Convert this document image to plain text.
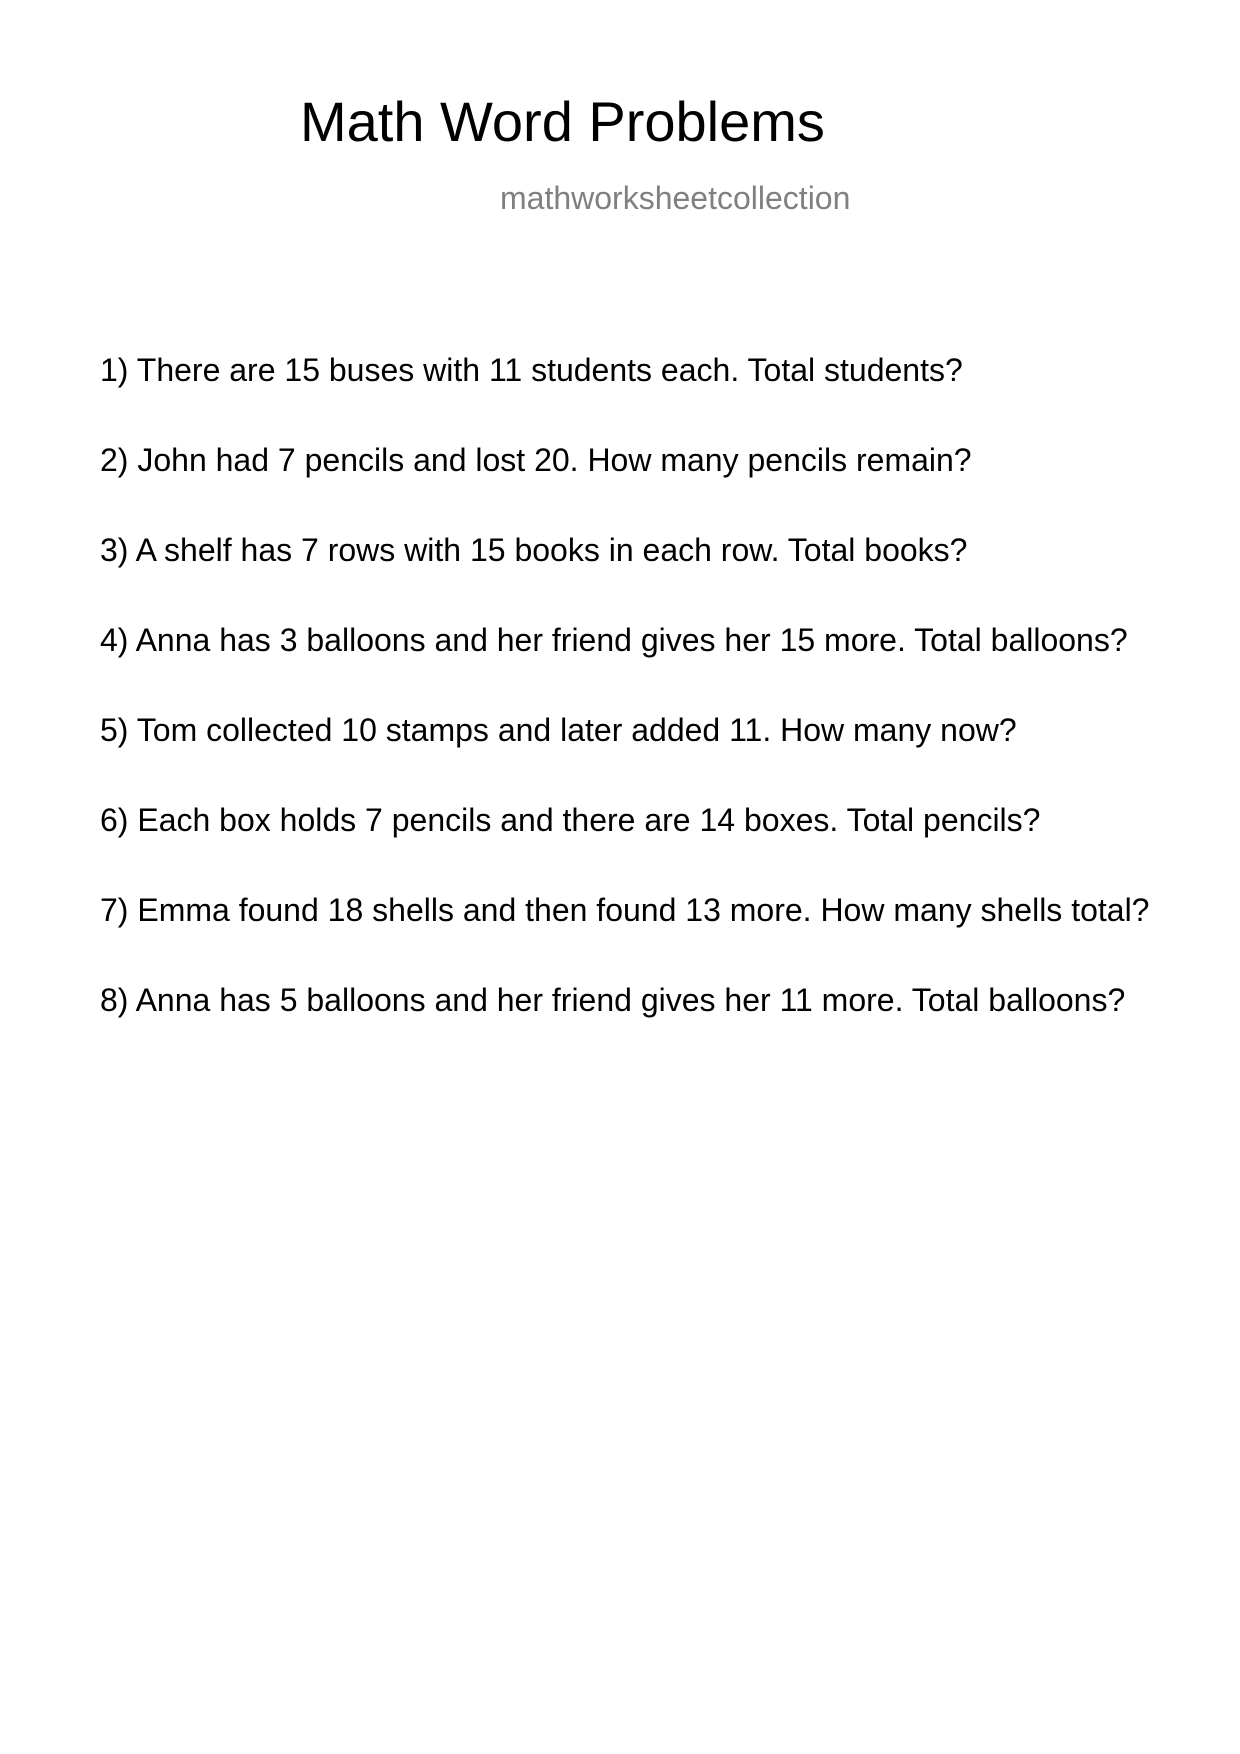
Math Word Problems
mathworksheetcollection
1) There are 15 buses with 11 students each. Total students?
2) John had 7 pencils and lost 20. How many pencils remain?
3) A shelf has 7 rows with 15 books in each row. Total books?
4) Anna has 3 balloons and her friend gives her 15 more. Total balloons?
5) Tom collected 10 stamps and later added 11. How many now?
6) Each box holds 7 pencils and there are 14 boxes. Total pencils?
7) Emma found 18 shells and then found 13 more. How many shells total?
8) Anna has 5 balloons and her friend gives her 11 more. Total balloons?
